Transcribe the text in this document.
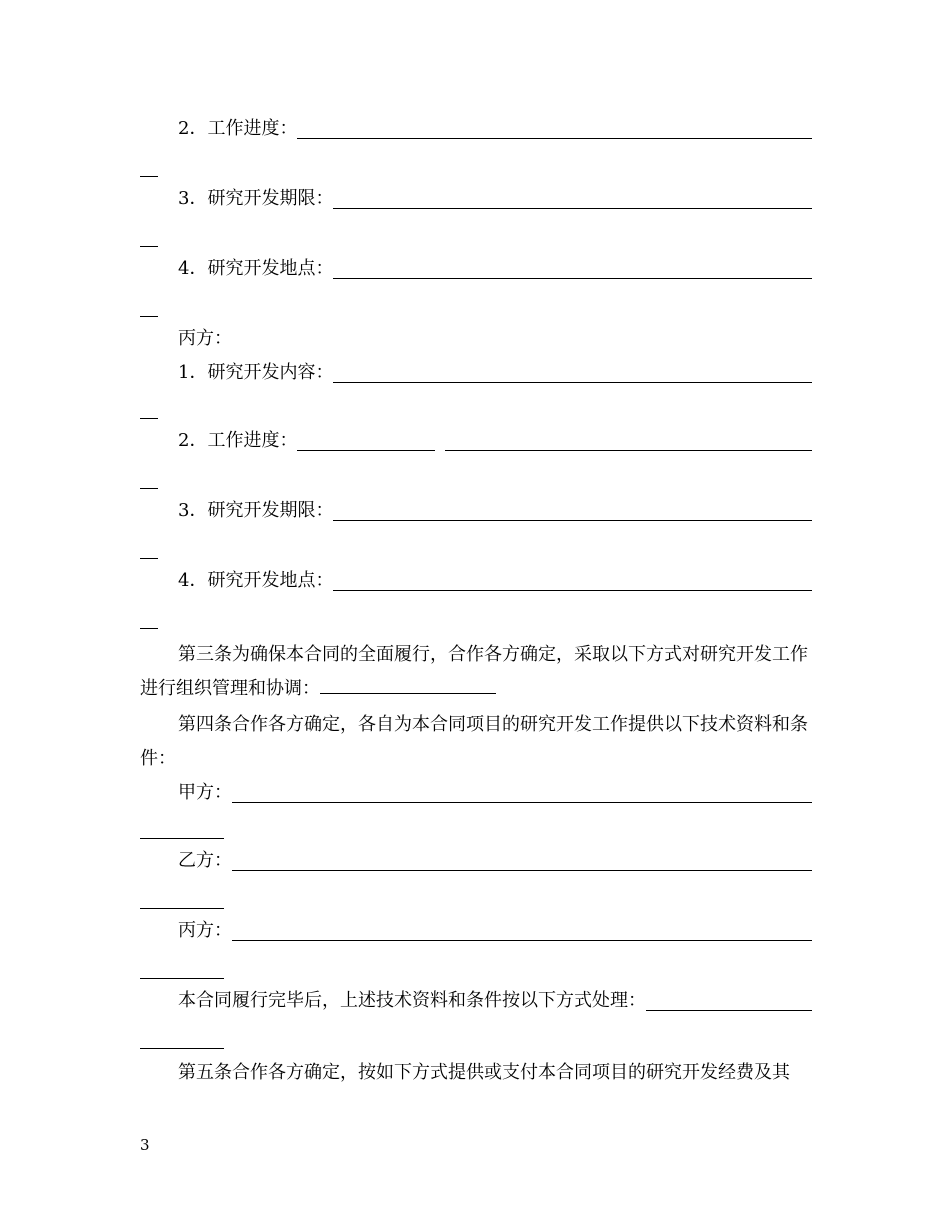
2．工作进度：
3．研究开发期限：
4．研究开发地点：
丙方：
1．研究开发内容：
2．工作进度：
3．研究开发期限：
4．研究开发地点：
第三条为确保本合同的全面履行，合作各方确定，采取以下方式对研究开发工作进行组织管理和协调：
第四条合作各方确定，各自为本合同项目的研究开发工作提供以下技术资料和条件：
甲方：
乙方：
丙方：
本合同履行完毕后，上述技术资料和条件按以下方式处理：
第五条合作各方确定，按如下方式提供或支付本合同项目的研究开发经费及其
3
